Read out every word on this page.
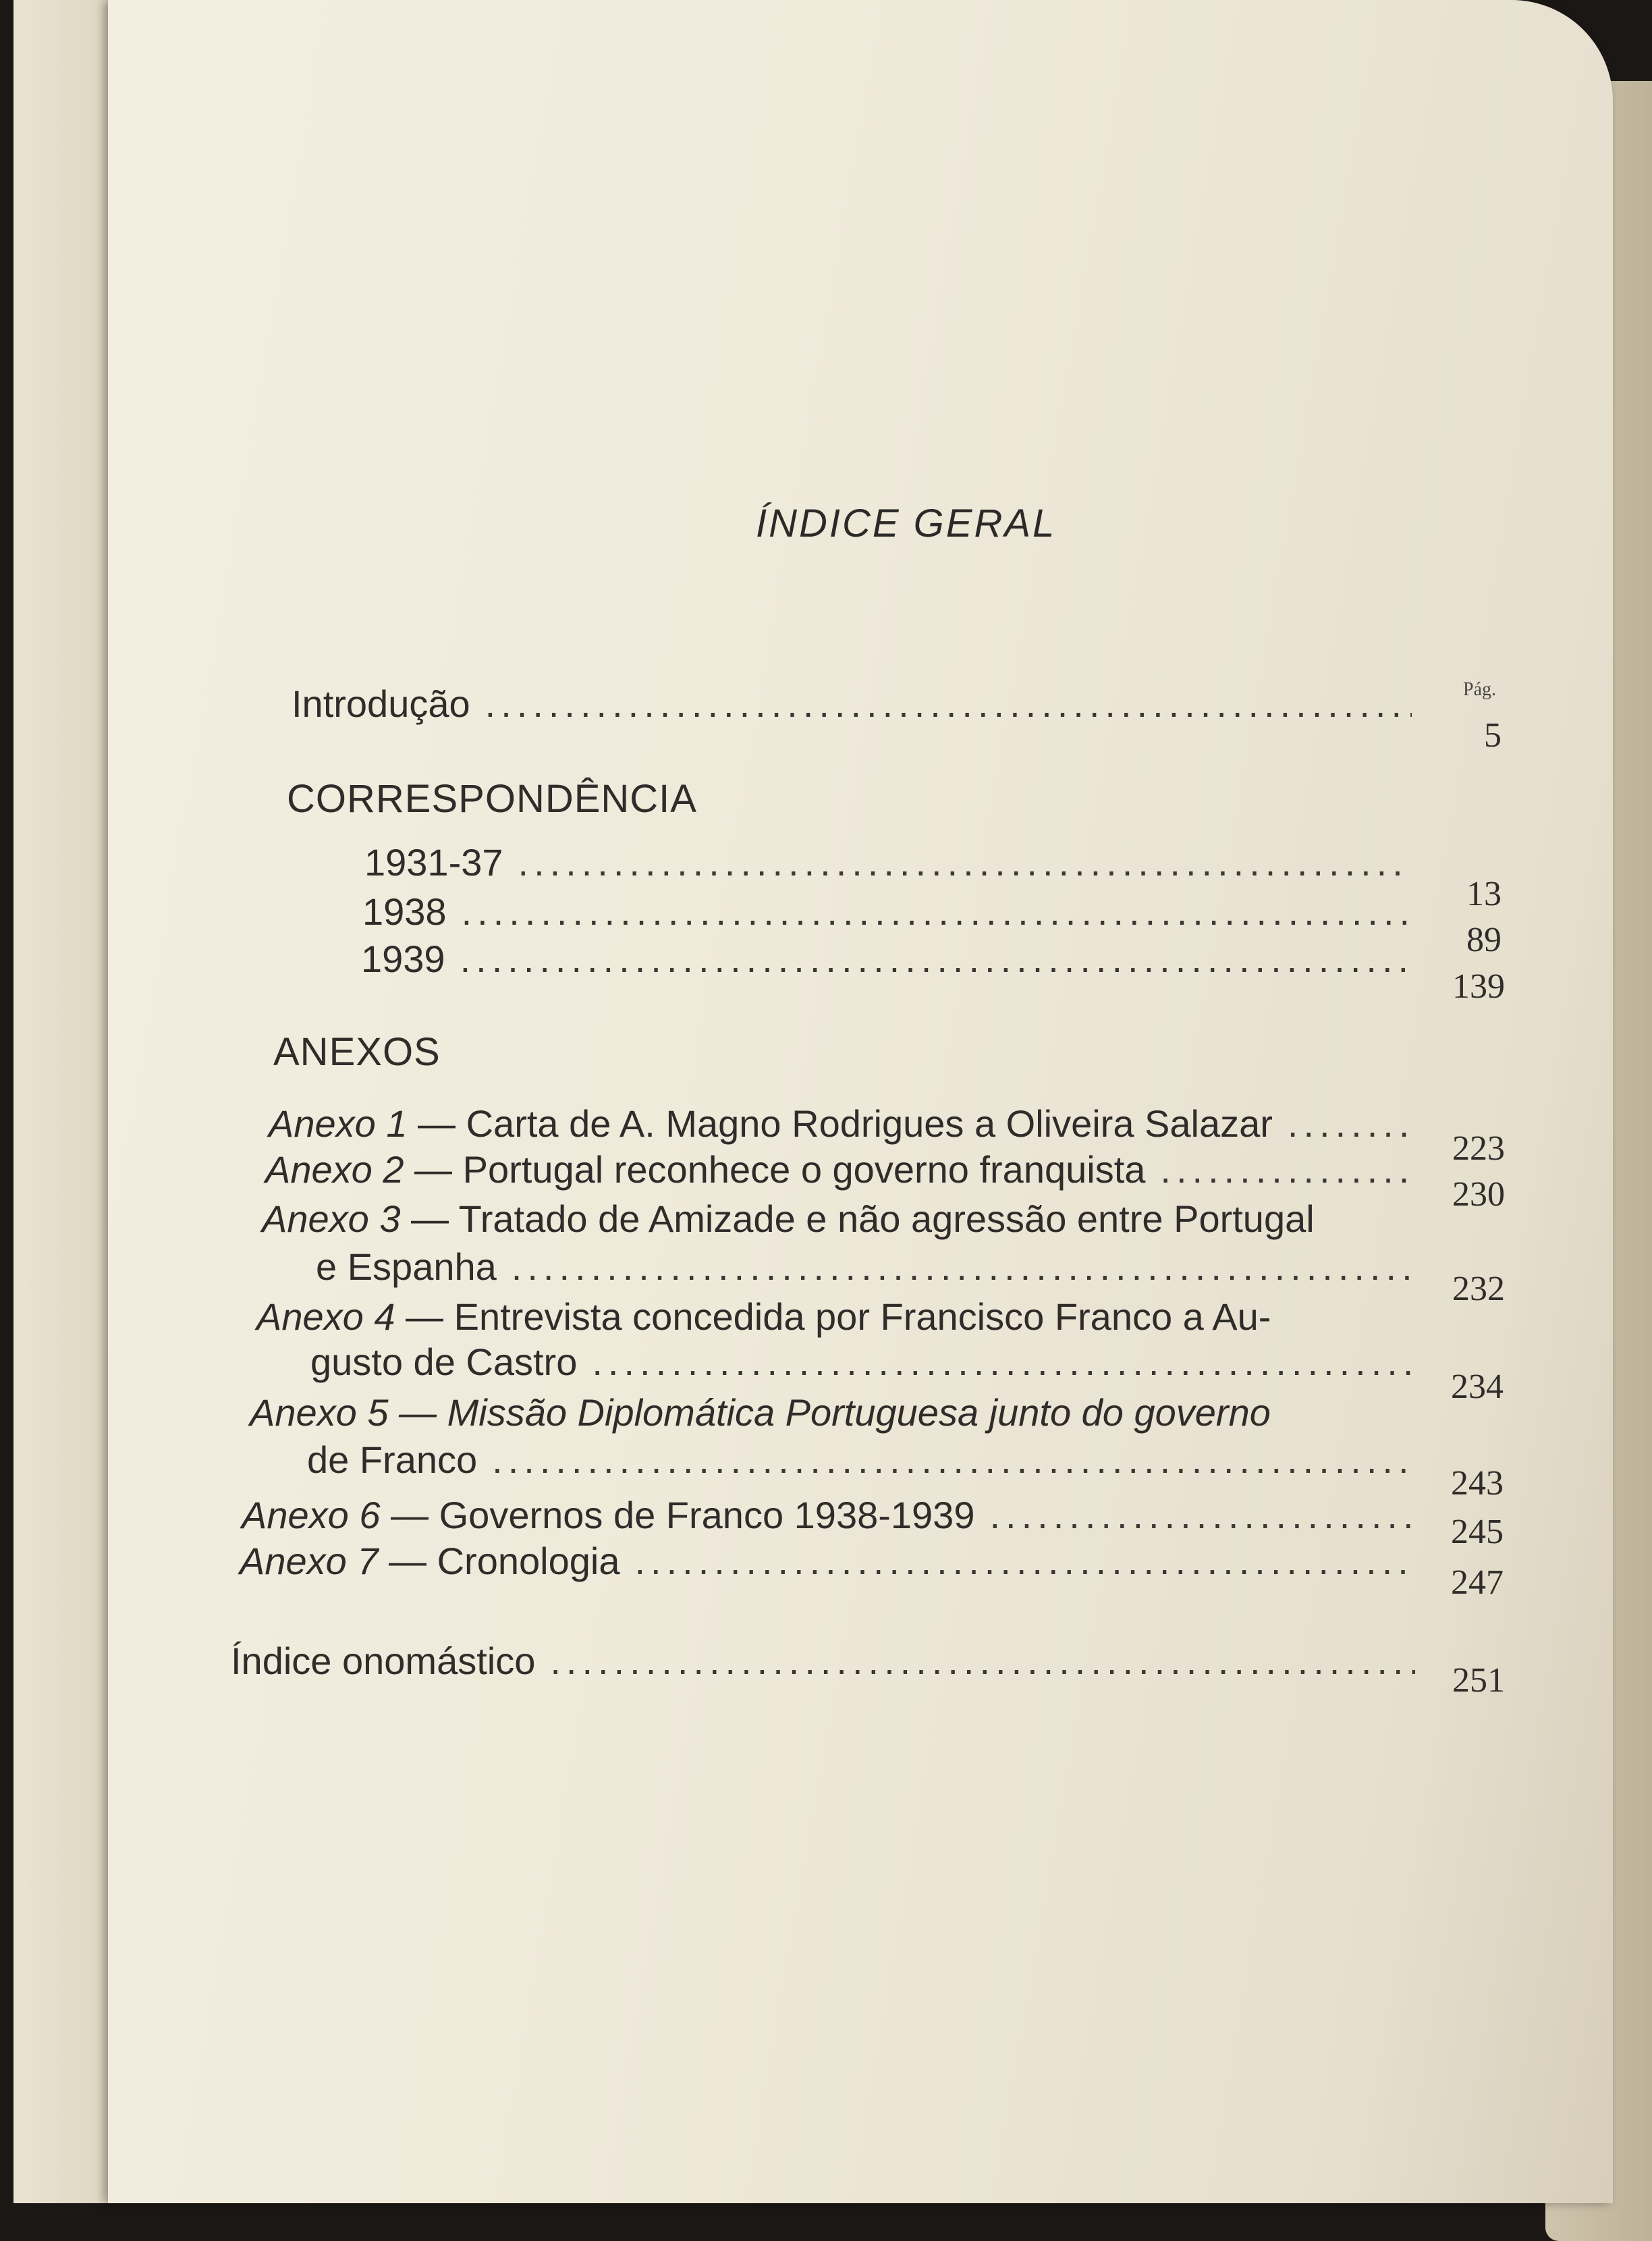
ÍNDICE GERAL
Pág.
Introdução
.....
5
CORRESPONDÊNCIA
1931-37
.....
13
1938
.....
89
1939
.....
139
ANEXOS
Anexo 1 — Carta de A. Magno Rodrigues a Oliveira Salazar
.....
223
Anexo 2 — Portugal reconhece o governo franquista
.....
230
Anexo 3 — Tratado de Amizade e não agressão entre Portugal
e Espanha
.....
232
Anexo 4 — Entrevista concedida por Francisco Franco a Au-
gusto de Castro
.....
234
Anexo 5 — Missão Diplomática Portuguesa junto do governo
de Franco
.....
243
Anexo 6 — Governos de Franco 1938-1939 .....	245
Anexo 7 — Cronologia
.....
247
Índice onomástico .....	251
